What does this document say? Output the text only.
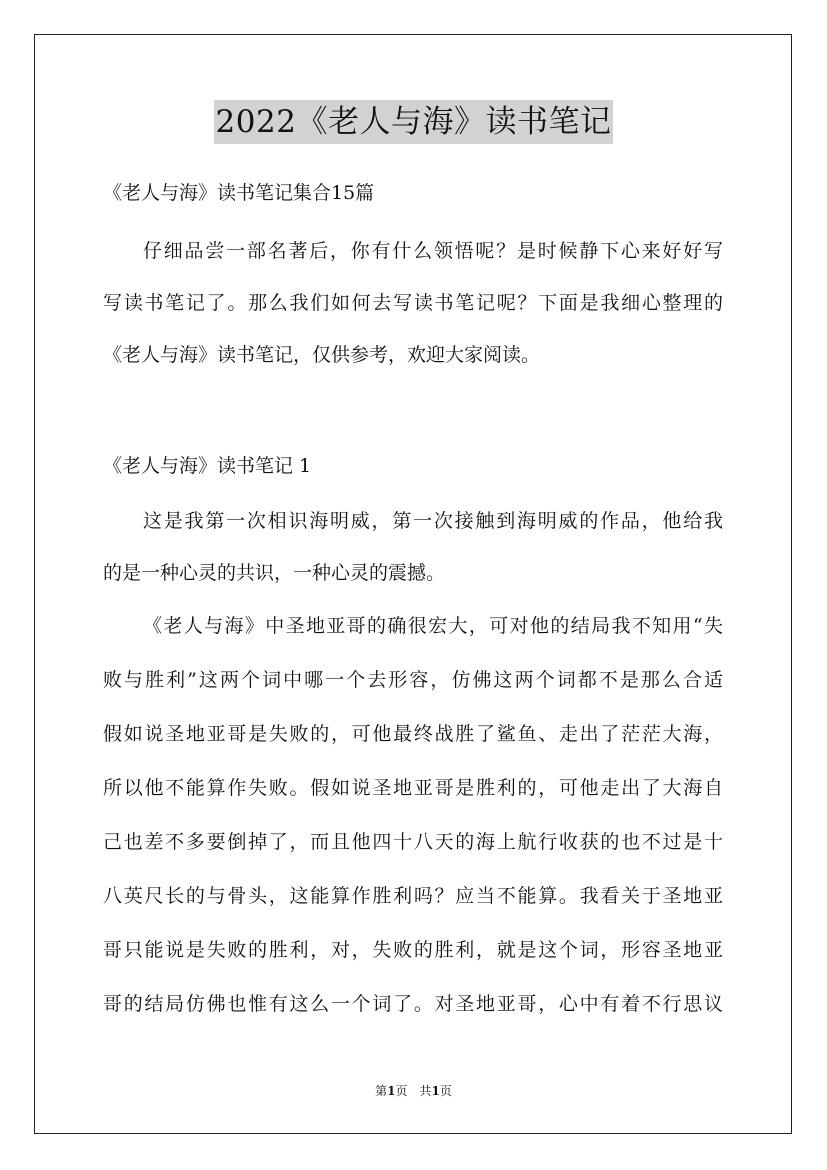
2022《老人与海》读书笔记
《老人与海》读书笔记集合15篇
仔细品尝一部名著后，你有什么领悟呢？是时候静下心来好好写
写读书笔记了。那么我们如何去写读书笔记呢？下面是我细心整理的
《老人与海》读书笔记，仅供参考，欢迎大家阅读。
《老人与海》读书笔记 1
这是我第一次相识海明威，第一次接触到海明威的作品，他给我
的是一种心灵的共识，一种心灵的震撼。
《老人与海》中圣地亚哥的确很宏大，可对他的结局我不知用“失
败与胜利”这两个词中哪一个去形容，仿佛这两个词都不是那么合适
假如说圣地亚哥是失败的，可他最终战胜了鲨鱼、走出了茫茫大海，
所以他不能算作失败。假如说圣地亚哥是胜利的，可他走出了大海自
己也差不多要倒掉了，而且他四十八天的海上航行收获的也不过是十
八英尺长的与骨头，这能算作胜利吗？应当不能算。我看关于圣地亚
哥只能说是失败的胜利，对，失败的胜利，就是这个词，形容圣地亚
哥的结局仿佛也惟有这么一个词了。对圣地亚哥，心中有着不行思议
第1页　共1页
